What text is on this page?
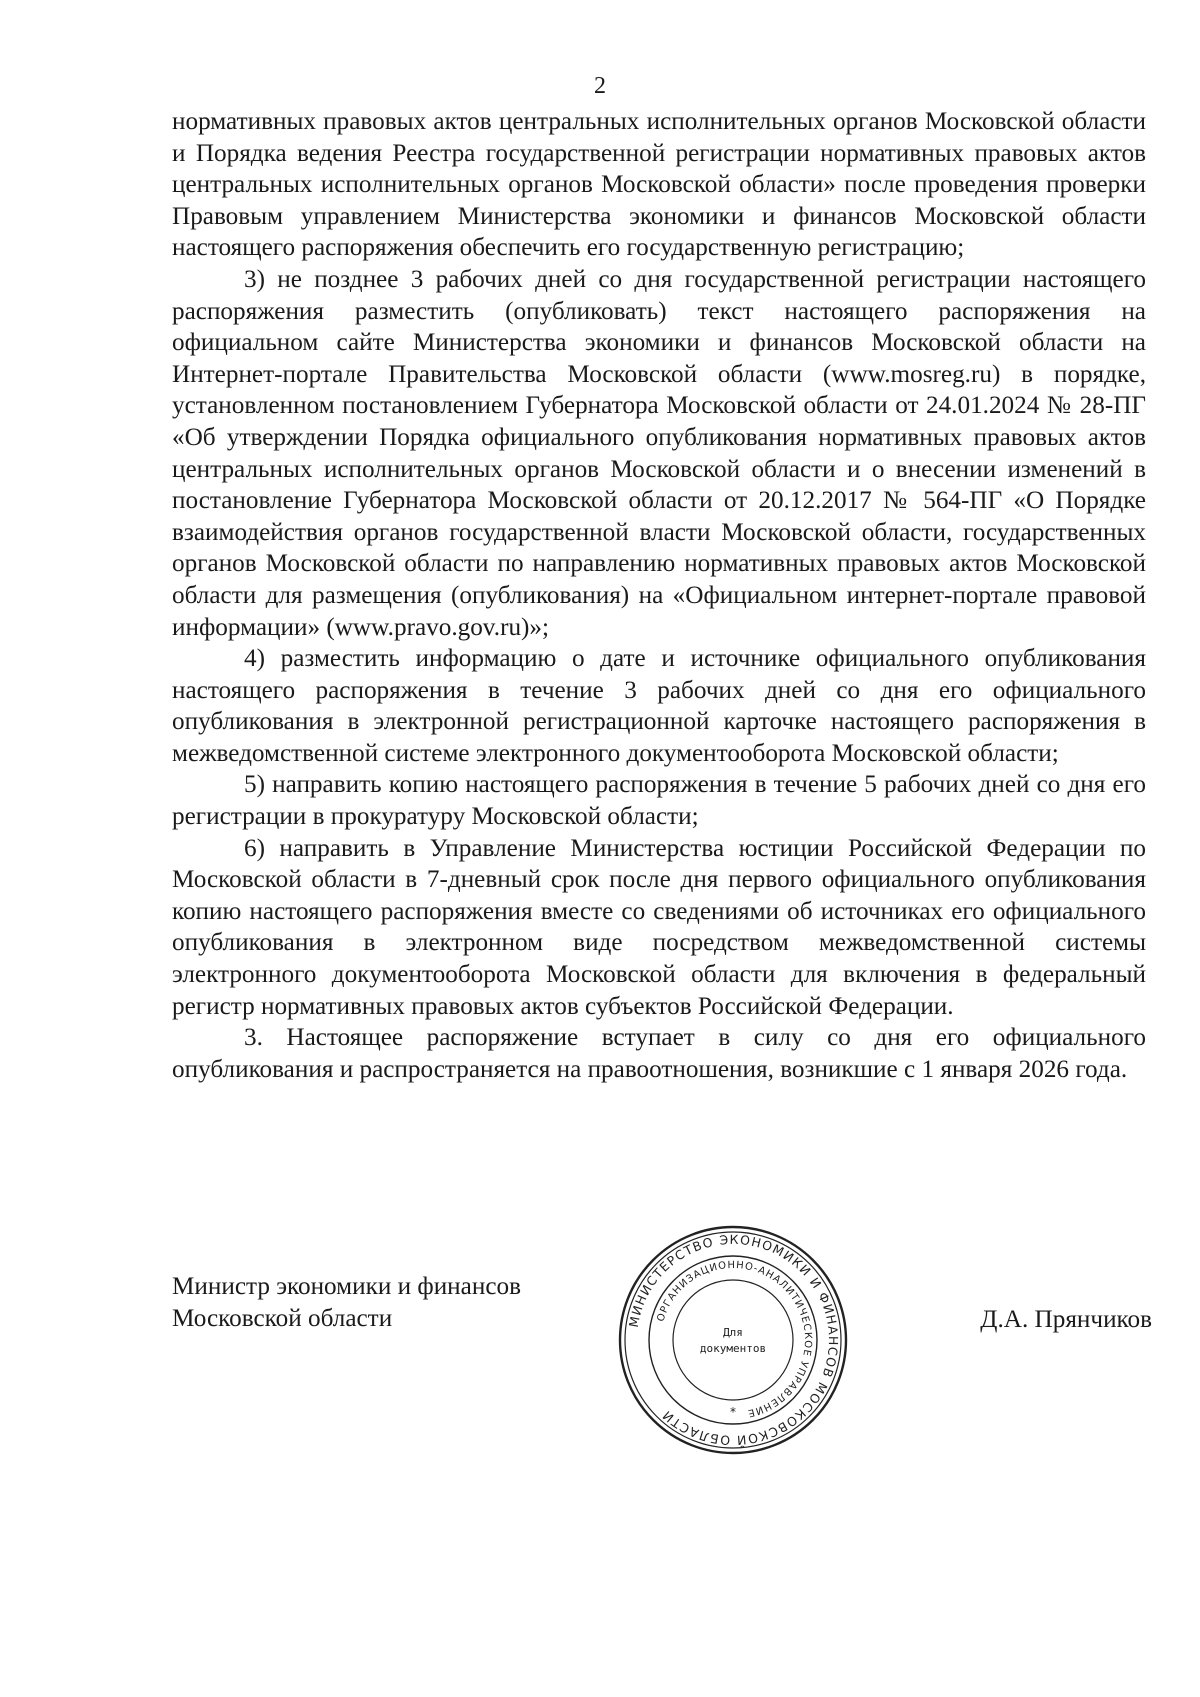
2

нормативных правовых актов центральных исполнительных органов Московской области и Порядка ведения Реестра государственной регистрации нормативных правовых актов центральных исполнительных органов Московской области» после проведения проверки Правовым управлением Министерства экономики и финансов Московской области настоящего распоряжения обеспечить его государственную регистрацию;

3) не позднее 3 рабочих дней со дня государственной регистрации настоящего распоряжения разместить (опубликовать) текст настоящего распоряжения на официальном сайте Министерства экономики и финансов Московской области на Интернет-портале Правительства Московской области (www.mosreg.ru) в порядке, установленном постановлением Губернатора Московской области от 24.01.2024 № 28-ПГ «Об утверждении Порядка официального опубликования нормативных правовых актов центральных исполнительных органов Московской области и о внесении изменений в постановление Губернатора Московской области от 20.12.2017 № 564-ПГ «О Порядке взаимодействия органов государственной власти Московской области, государственных органов Московской области по направлению нормативных правовых актов Московской области для размещения (опубликования) на «Официальном интернет-портале правовой информации» (www.pravo.gov.ru)»;

4) разместить информацию о дате и источнике официального опубликования настоящего распоряжения в течение 3 рабочих дней со дня его официального опубликования в электронной регистрационной карточке настоящего распоряжения в межведомственной системе электронного документооборота Московской области;

5) направить копию настоящего распоряжения в течение 5 рабочих дней со дня его регистрации в прокуратуру Московской области;

6) направить в Управление Министерства юстиции Российской Федерации по Московской области в 7-дневный срок после дня первого официального опубликования копию настоящего распоряжения вместе со сведениями об источниках его официального опубликования в электронном виде посредством межведомственной системы электронного документооборота Московской области для включения в федеральный регистр нормативных правовых актов субъектов Российской Федерации.

3. Настоящее распоряжение вступает в силу со дня его официального опубликования и распространяется на правоотношения, возникшие с 1 января 2026 года.

Министр экономики и финансов
Московской области	Д.А. Прянчиков
МИНИСТЕРСТВО ЭКОНОМИКИ И ФИНАНСОВ МОСКОВСКОЙ ОБЛАСТИ
ОРГАНИЗАЦИОННО-АНАЛИТИЧЕСКОЕ УПРАВЛЕНИЕ
Для
документов
*
